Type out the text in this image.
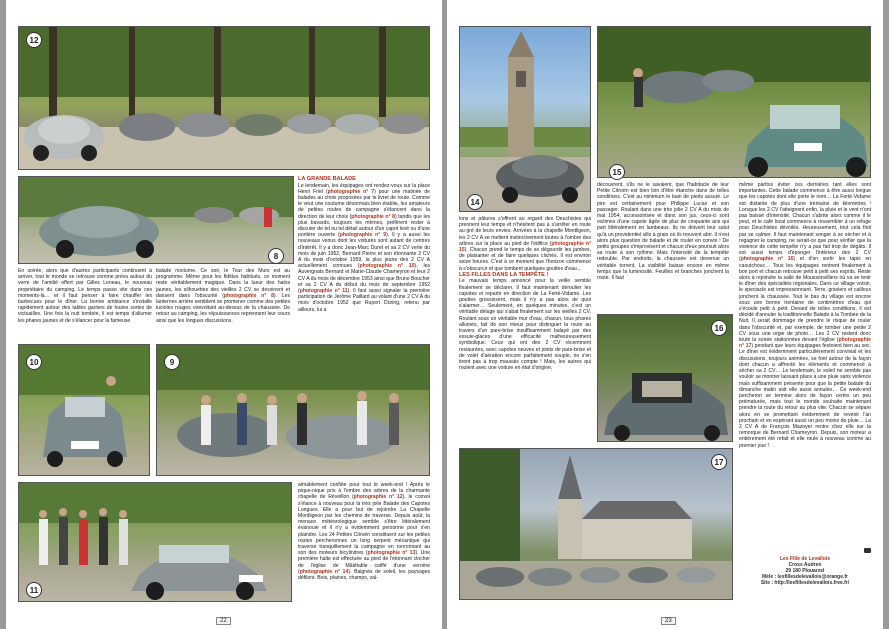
12
8

En soirée, alors que d'autres participants continuent à arriver, tout le monde se retrouve comme prévu autour du verre de l'amitié offert par Gilles Leneau, le nouveau propriétaire du camping. Le temps passe vite dans ces moments-là… et il faut penser à faire chauffer les barbecues pour le dîner. La bonne ambiance s'installe rapidement autour des tables garnies de toutes sortes de victuailles. Une fois la nuit tombée, il est temps d'allumer les phares jaunes et de s'élancer pour la fameuse

balade nocturne. Ce soir, le Tour des Murs est au programme. Même pour les fidèles habitués, ce moment reste véritablement magique. Dans la lueur des halos jaunes, les silhouettes des vieilles 2 CV se dessinent et dansent dans l'obscurité (photographie n° 8). Les lanternes arrière semblent se promener comme des petites lucioles rouges virevoltant au-dessus de la chaussée. De retour au camping, les réjouissances reprennent leur cours ainsi que les longues discussions.

LA GRANDE BALADE

Le lendemain, les équipages ont rendez-vous sur la place Henri Friel (photographie n° 7) pour une matinée de balades au choix proposées par le livret de route. Comme le veut une coutume désormais bien établie, les amateurs de petites routes de campagne s'élancent dans la direction de leur choix (photographie n° 8) tandis que les plus bavards, toujours les mêmes, préfèrent rester à discuter de tel ou tel détail autour d'un capot levé ou d'une portière ouverte (photographie n° 9). Il y a aussi les nouveaux venus dont les voitures sont autant de centres d'intérêt. Il y a donc Jean-Marc Duret et sa 2 CV verte du mois de juin 1952, Bernard Pierre et son étonnante 2 CV A du mois d'octobre 1959, la plus jeune des 2 CV A actuellement connues (photographie n° 10), les Auvergnats Bernard et Marie-Claude Chameyron et leur 2 CV A du mois de décembre 1953 ainsi que Bruno Boucher et sa 2 CV A du début du mois de septembre 1952 (photographie n° 11). Il faut aussi signaler la première participation de Jérôme Paillard au volant d'une 2 CV A du mois d'octobre 1952 que Rupert Düring, retenu par ailleurs, lui a

10	9
11

aimablement confiée pour tout le week-end ! Après le pique-nique pris à l'ombre des arbres de la charmante chapelle de Réveillon (photographie n° 12), le convoi s'élance à nouveau pour la très jolie Balade des Capotes Longues. Elle a pour but de rejoindre La Chapelle Montligeon par les chemins de traverse. Depuis août, la menace météorologique semble s'être littéralement évanouie et il n'y a évidemment personne pour s'en plaindre. Les 24 Petites Citroën constituent sur les petites routes percheronnes un long serpent mécanique qui traverse tranquillement la campagne en ronronnant au son des moteurs bicylindres (photographie n° 13). Une première halte est effectuée au pied de l'étonnant clocher de l'église de Mâlétable coiffé d'une verrière (photographie n° 14). Baignés de soleil, les paysages défilent. Bois, plaines, champs, val-

22
14
15

lons et pâtures s'offrent au regard des Deuchistes qui prennent leur temps et n'hésitent pas à s'arrêter en route au gré de leurs envies. Arrivées à la chapelle Montligeon, les 2 CV A se mettent instinctivement toutes à l'ombre des arbres sur la place au pied de l'édifice (photographie n° 15). Chacun prend le temps de se dégourdir les jambes, de plaisanter et de faire quelques clichés. Il est environ seize heures. C'est à ce moment que l'horizon commence à s'obscurcir et que tombent quelques gouttes d'eau…

LES FILLES DANS LA TEMPÊTE !

Le mauvais temps annoncé pour la veille semble finalement se déclarer. Il faut maintenant déroulier les capotes et repartir en direction de La Ferté-Vidame. Les gouttes grossissent, mais il n'y a pas alors de quoi s'alarmer… Seulement, en quelques minutes, c'est un véritable déluge qui s'abat finalement sur les vieilles 2 CV. Roulant sous un véritable mur d'eau, chacun, tous phares allumés, fait de son mieux pour distinguer la route au travers d'un pare-brise insuffisamment balayé par des essuie-glaces d'une efficacité malheureusement symbolique. Ceux qui ont des 2 CV récemment restaurées, avec capotes neuves et joints de pare-brise et de volet d'aération encore parfaitement souple, ne s'en tirent pas à trop mauvais compte ! Mais, les autres qui roulent avec une voiture en état d'origine,

découvrent, s'ils ne le savaient, que l'habitacle de leur Petite Citroën est bien loin d'être étanche dans de telles conditions. C'est au minimum le bain de pieds assuré. Le pire est certainement pour Philippe Lucas et son passager. Roulant dans une très jolie 2 CV A du mois de mai 1954, accessoirisée et dans son jus, ceux-ci sont victimes d'une capote âgée de plus de cinquante ans qui part littéralement en lambeaux. Ils ne doivent leur salut qu'à un providentiel sillo à grain où ils trouvent abri. Il n'est alors plus question de balade et de rouler en convoi ! De petits groupes s'improvisent et chacun d'eux poursuit alors sa route à son rythme. Mais l'intensité de la tempête redouble. Par endroits, la chaussée est devenue un véritable torrent. La visibilité baisse encore en même temps que la luminosité. Feuilles et branches jonchent la route. Il faut

même parfois éviter ces dernières tant elles sont importantes. Cette balade commence à être aussi longue que les capotes dont elle porte le nom… La Ferté-Vidame est distante de plus d'une trentaine de kilomètres ! Lorsque les 2 CV l'atteignent enfin, la pluie et le vent n'ont pas baissé d'intensité. Chacun s'abrite alors comme il le peut, et le café local commence à ressembler à un refuge pour Deuchistes dévoilés. Heureusement, tout cela finit par se calmer. Il faut maintenant songer à se sécher et à regagner le camping, ne serait-ce que pour vérifier que la violence de cette tempête n'y a pas fait trop de dégâts. Il est aussi temps d'éponger l'intérieur des 2 CV (photographie n° 16) et d'en sortir les tapis en caoutchouc… Tous les équipages rentrent finalement à bon port et chacun retrouve petit à petit ses esprits. Reste alors à rejoindre la salle de Moussonvilliers où va se tenir le dîner des spécialités régionales. Dans ce village voisin, le spectacle est impressionnant. Terre, graviers et cailloux jonchent la chaussée. Tout le bas du village est encore sous une bonne trentaine de centimètres d'eau qui s'écoule petit à petit. Devant de telles conditions, il est décidé d'annuler la traditionnelle Balade à la Tombée de la Nuit. Il serait dommage de prendre le risque de rouler dans l'obscurité et, par exemple, de tomber une petite 2 CV sous une orgie de photo… Les 2 CV restent donc toute la soirée stationnées devant l'église (photographie n° 17) pendant que leurs équipages festoient bien au sec. Le dîner est évidemment particulièrement convivial et les discussions, toujours animées, se font autour de la façon dont chacun a affronté les éléments et commencé à sécher sa 2 CV… Le lendemain, le soleil ne semble pas vouloir se montrer laissant place à une pluie sans violence mais suffisamment présente pour que la petite balade du dimanche matin soit elle aussi annulée… Ce week-end percheron se termine alors de façon certes un peu prématurée, mais tout le monde souhaite maintenant prendre la route du retour au plus vite. Chacun se sépare alors en se promettant évidemment de revenir l'an prochain et en espérant aussi un peu moins de pluie… La 2 CV A de François Mazoyer rentre chez elle sur la remorque de Bernard Chameyron. Depuis, son moteur a entièrement été refait et elle roule à nouveau comme au premier jour !

16
17
Les Fille de Levallois
Cross Audren
29 180 Plouarzel
Mèle : lesfillesdelevallois@orange.fr
Site : http://lesfillesdelevallois.free.fr/
23
